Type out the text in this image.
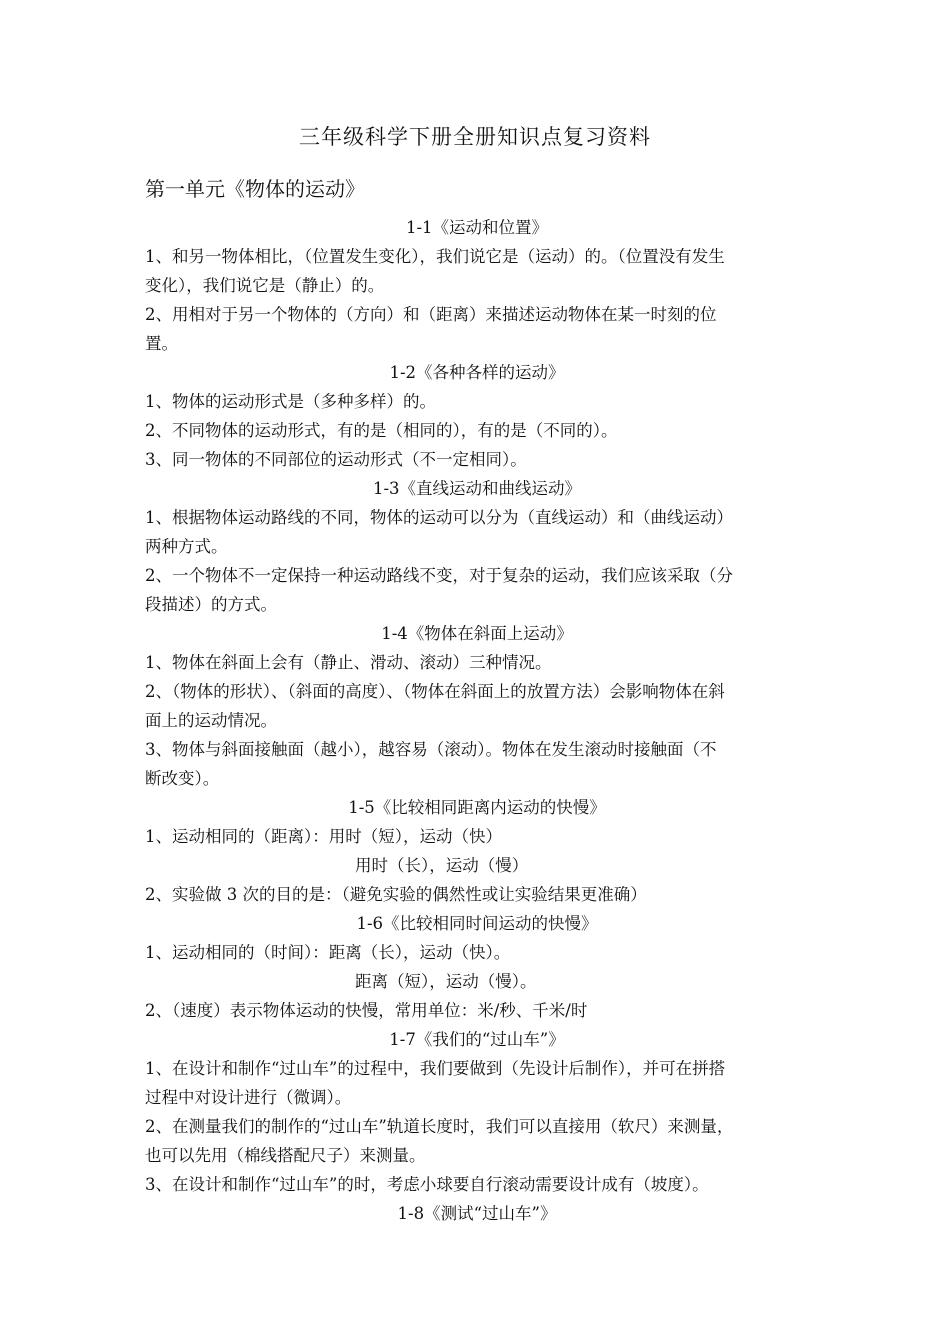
三年级科学下册全册知识点复习资料
第一单元《物体的运动》
1-1《运动和位置》
1、和另一物体相比，（位置发生变化），我们说它是（运动）的。（位置没有发生
变化），我们说它是（静止）的。
2、用相对于另一个物体的（方向）和（距离）来描述运动物体在某一时刻的位
置。
1-2《各种各样的运动》
1、物体的运动形式是（多种多样）的。
2、不同物体的运动形式，有的是（相同的），有的是（不同的）。
3、同一物体的不同部位的运动形式（不一定相同）。
1-3《直线运动和曲线运动》
1、根据物体运动路线的不同，物体的运动可以分为（直线运动）和（曲线运动）
两种方式。
2、一个物体不一定保持一种运动路线不变，对于复杂的运动，我们应该采取（分
段描述）的方式。
1-4《物体在斜面上运动》
1、物体在斜面上会有（静止、滑动、滚动）三种情况。
2、（物体的形状）、（斜面的高度）、（物体在斜面上的放置方法）会影响物体在斜
面上的运动情况。
3、物体与斜面接触面（越小），越容易（滚动）。物体在发生滚动时接触面（不
断改变）。
1-5《比较相同距离内运动的快慢》
1、运动相同的（距离）：用时（短），运动（快）
用时（长），运动（慢）
2、实验做 3 次的目的是：（避免实验的偶然性或让实验结果更准确）
1-6《比较相同时间运动的快慢》
1、运动相同的（时间）：距离（长），运动（快）。
距离（短），运动（慢）。
2、（速度）表示物体运动的快慢，常用单位：米/秒、千米/时
1-7《我们的“过山车”》
1、在设计和制作“过山车”的过程中，我们要做到（先设计后制作），并可在拼搭
过程中对设计进行（微调）。
2、在测量我们的制作的“过山车”轨道长度时，我们可以直接用（软尺）来测量，
也可以先用（棉线搭配尺子）来测量。
3、在设计和制作“过山车”的时，考虑小球要自行滚动需要设计成有（坡度）。
1-8《测试“过山车”》
